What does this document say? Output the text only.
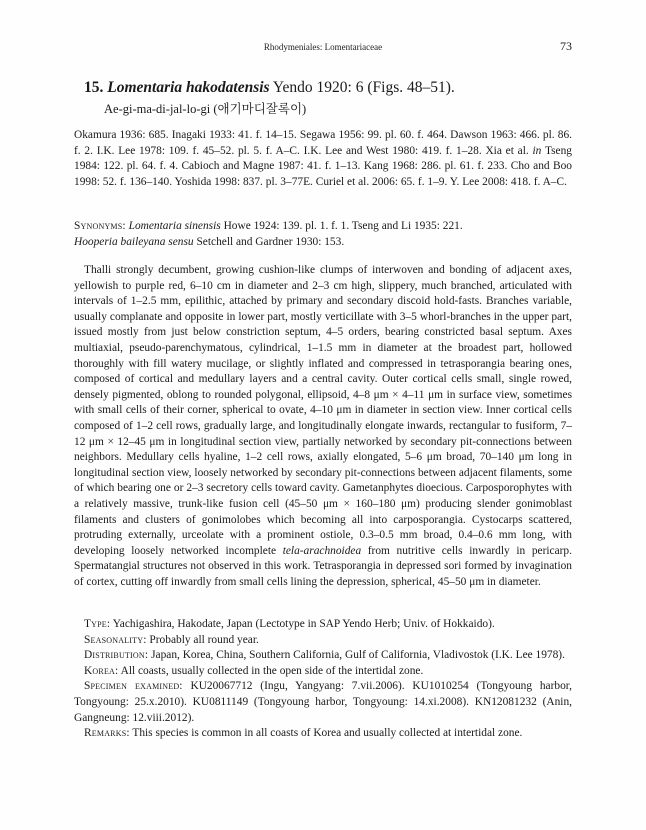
Rhodymeniales: Lomentariaceae	73
15. Lomentaria hakodatensis Yendo 1920: 6 (Figs. 48–51).
Ae-gi-ma-di-jal-lo-gi (애기마디잘록이)
Okamura 1936: 685. Inagaki 1933: 41. f. 14–15. Segawa 1956: 99. pl. 60. f. 464. Dawson 1963: 466. pl. 86. f. 2. I.K. Lee 1978: 109. f. 45–52. pl. 5. f. A–C. I.K. Lee and West 1980: 419. f. 1–28. Xia et al. in Tseng 1984: 122. pl. 64. f. 4. Cabioch and Magne 1987: 41. f. 1–13. Kang 1968: 286. pl. 61. f. 233. Cho and Boo 1998: 52. f. 136–140. Yoshida 1998: 837. pl. 3–77E. Curiel et al. 2006: 65. f. 1–9. Y. Lee 2008: 418. f. A–C.
Synonyms: Lomentaria sinensis Howe 1924: 139. pl. 1. f. 1. Tseng and Li 1935: 221.
Hooperia baileyana sensu Setchell and Gardner 1930: 153.
Thalli strongly decumbent, growing cushion-like clumps of interwoven and bonding of adjacent axes, yellowish to purple red, 6–10 cm in diameter and 2–3 cm high, slippery, much branched, articulated with intervals of 1–2.5 mm, epilithic, attached by primary and secondary discoid hold-fasts. Branches variable, usually complanate and opposite in lower part, mostly verticillate with 3–5 whorl-branches in the upper part, issued mostly from just below constriction septum, 4–5 orders, bearing constricted basal septum. Axes multiaxial, pseudo-parenchymatous, cylindrical, 1–1.5 mm in diameter at the broadest part, hollowed thoroughly with fill watery mucilage, or slightly inflated and compressed in tetrasporangia bearing ones, composed of cortical and medullary layers and a central cavity. Outer cortical cells small, single rowed, densely pigmented, oblong to rounded polygonal, ellipsoid, 4–8 μm × 4–11 μm in surface view, sometimes with small cells of their corner, spherical to ovate, 4–10 μm in diameter in section view. Inner cortical cells composed of 1–2 cell rows, gradually large, and longitudinally elongate inwards, rectangular to fusiform, 7–12 μm × 12–45 μm in longitudinal section view, partially networked by secondary pit-connections between neighbors. Medullary cells hyaline, 1–2 cell rows, axially elongated, 5–6 μm broad, 70–140 μm long in longitudinal section view, loosely networked by secondary pit-connections between adjacent filaments, some of which bearing one or 2–3 secretory cells toward cavity. Gametanphytes dioecious. Carposporophytes with a relatively massive, trunk-like fusion cell (45–50 μm × 160–180 μm) producing slender gonimoblast filaments and clusters of gonimolobes which becoming all into carposporangia. Cystocarps scattered, protruding externally, urceolate with a prominent ostiole, 0.3–0.5 mm broad, 0.4–0.6 mm long, with developing loosely networked incomplete tela-arachnoidea from nutritive cells inwardly in pericarp. Spermatangial structures not observed in this work. Tetrasporangia in depressed sori formed by invagination of cortex, cutting off inwardly from small cells lining the depression, spherical, 45–50 μm in diameter.

Type: Yachigashira, Hakodate, Japan (Lectotype in SAP Yendo Herb; Univ. of Hokkaido).

Seasonality: Probably all round year.

Distribution: Japan, Korea, China, Southern California, Gulf of California, Vladivostok (I.K. Lee 1978).

Korea: All coasts, usually collected in the open side of the intertidal zone.

Specimen examined: KU20067712 (Ingu, Yangyang: 7.vii.2006). KU1010254 (Tongyoung harbor, Tongyoung: 25.x.2010). KU0811149 (Tongyoung harbor, Tongyoung: 14.xi.2008). KN12081232 (Anin, Gangneung: 12.viii.2012).

Remarks: This species is common in all coasts of Korea and usually collected at intertidal zone.
